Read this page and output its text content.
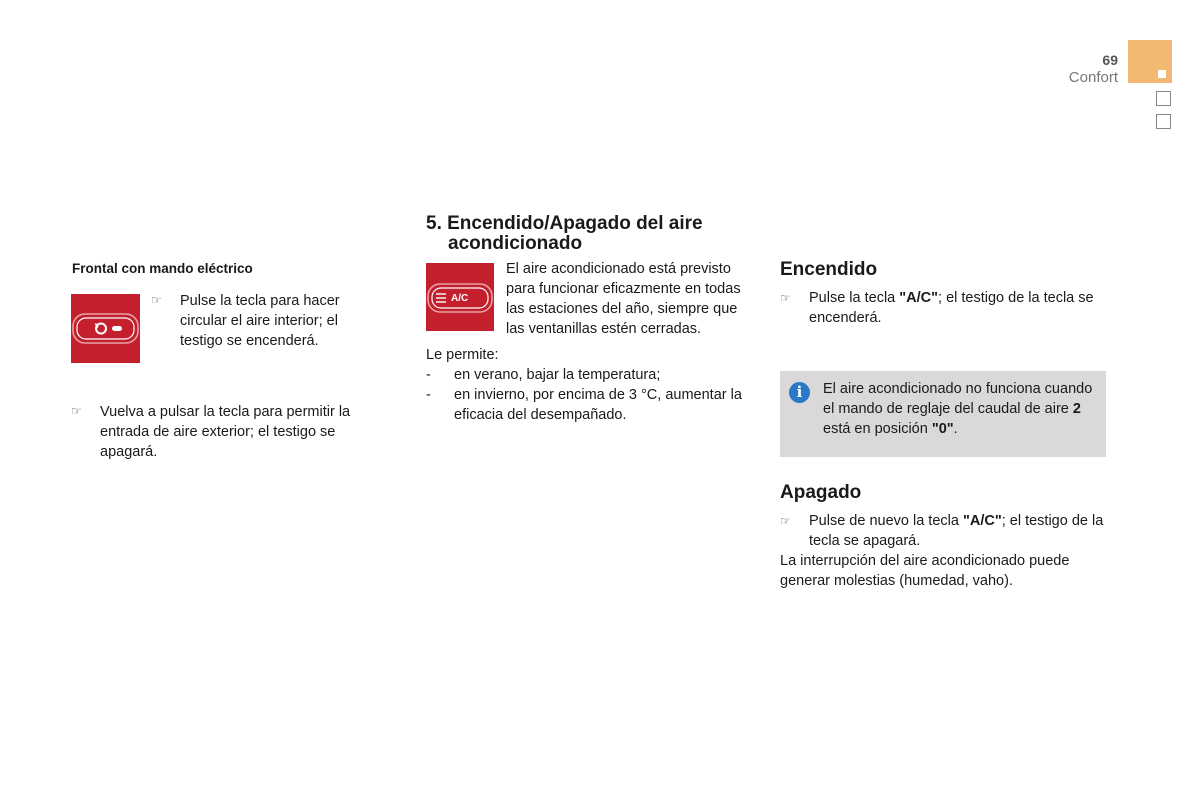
69
Confort
Frontal con mando eléctrico
☞ Pulse la tecla para hacer circular el aire interior; el testigo se encenderá.
☞ Vuelva a pulsar la tecla para permitir la entrada de aire exterior; el testigo se apagará.
5. Encendido/Apagado del aire
acondicionado
A/C
El aire acondicionado está previsto para funcionar eficazmente en todas las estaciones del año, siempre que las ventanillas estén cerradas.
Le permite:
- en verano, bajar la temperatura;
- en invierno, por encima de 3 °C, aumentar la eficacia del desempañado.
Encendido
☞ Pulse la tecla "A/C"; el testigo de la tecla se encenderá.
i	El aire acondicionado no funciona cuando el mando de reglaje del caudal de aire 2 está en posición "0".
Apagado
☞ Pulse de nuevo la tecla "A/C"; el testigo de la tecla se apagará.
La interrupción del aire acondicionado puede generar molestias (humedad, vaho).
